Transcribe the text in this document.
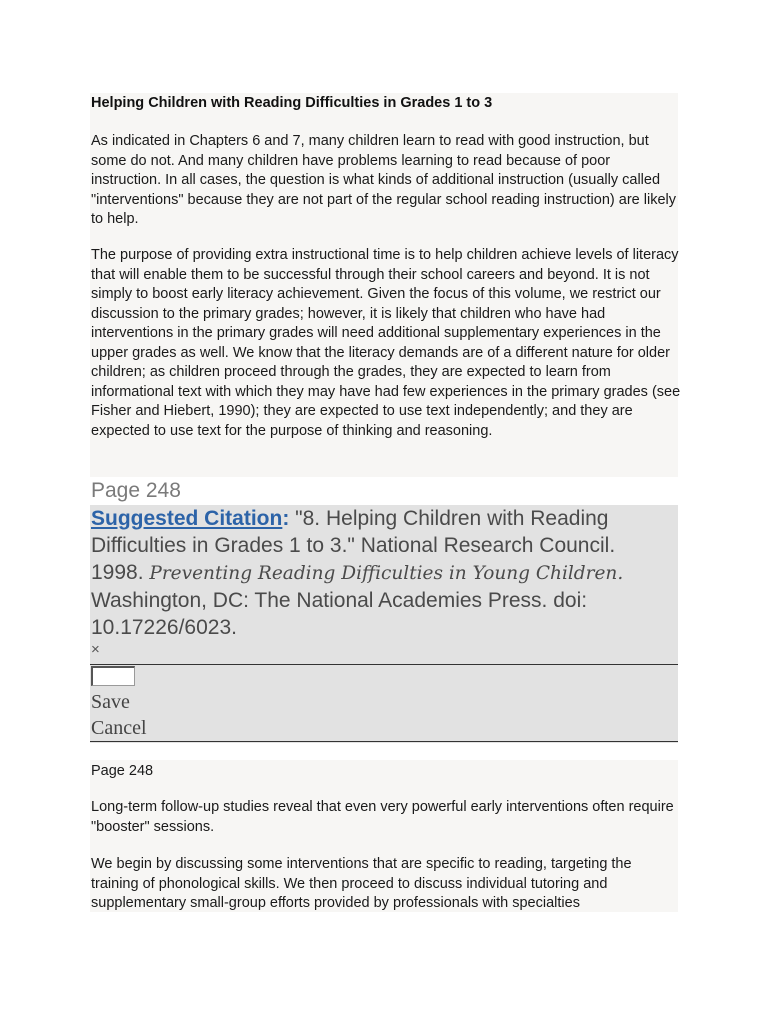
Helping Children with Reading Difficulties in Grades 1 to 3

As indicated in Chapters 6 and 7, many children learn to read with good instruction, but some do not. And many children have problems learning to read because of poor instruction. In all cases, the question is what kinds of additional instruction (usually called "interventions" because they are not part of the regular school reading instruction) are likely to help.

The purpose of providing extra instructional time is to help children achieve levels of literacy that will enable them to be successful through their school careers and beyond. It is not simply to boost early literacy achievement. Given the focus of this volume, we restrict our discussion to the primary grades; however, it is likely that children who have had interventions in the primary grades will need additional supplementary experiences in the upper grades as well. We know that the literacy demands are of a different nature for older children; as children proceed through the grades, they are expected to learn from informational text with which they may have had few experiences in the primary grades (see Fisher and Hiebert, 1990); they are expected to use text independently; and they are expected to use text for the purpose of thinking and reasoning.

Page 248
Suggested Citation: "8. Helping Children with Reading Difficulties in Grades 1 to 3." National Research Council. 1998. Preventing Reading Difficulties in Young Children. Washington, DC: The National Academies Press. doi: 10.17226/6023.
×
Save
Cancel
Page 248

Long-term follow-up studies reveal that even very powerful early interventions often require "booster" sessions.

We begin by discussing some interventions that are specific to reading, targeting the training of phonological skills. We then proceed to discuss individual tutoring and supplementary small-group efforts provided by professionals with specialties
